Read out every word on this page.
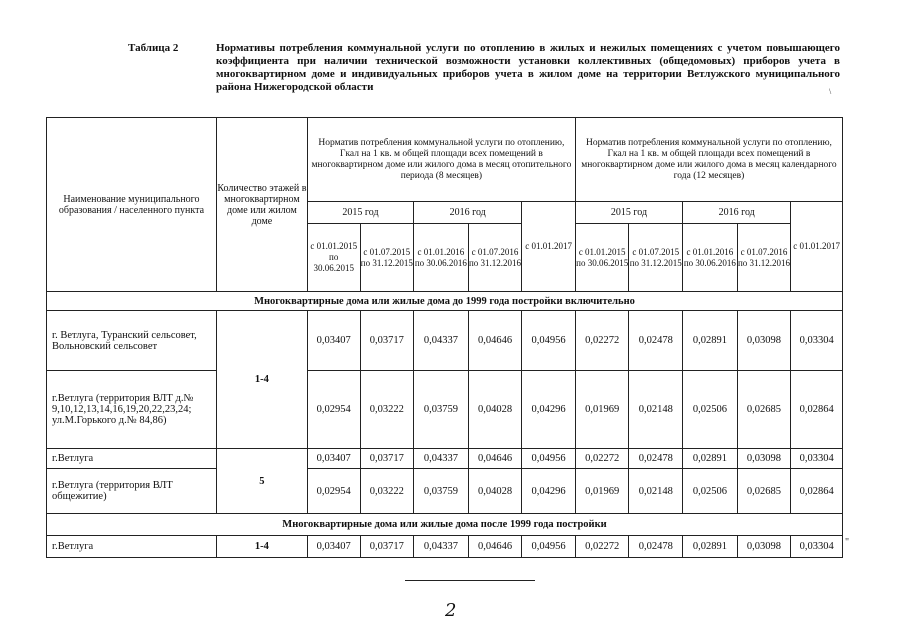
Таблица 2	Нормативы потребления коммунальной услуги по отоплению в жилых и нежилых помещениях с учетом повышающего коэффициента при наличии технической возможности установки коллективных (общедомовых) приборов учета в многоквартирном доме и индивидуальных приборов учета в жилом доме на территории Ветлужского муниципального района Нижегородской области	\
"
Наименование муниципального образования / населенного пункта	Количество этажей в многоквартирном доме или жилом доме	Норматив потребления коммунальной услуги по отоплению, Гкал на 1 кв. м общей площади всех помещений в многоквартирном доме или жилого дома в месяц отопительного периода (8 месяцев)					Норматив потребления коммунальной услуги по отоплению, Гкал на 1 кв. м общей площади всех помещений в многоквартирном доме или жилого дома в месяц календарного года (12 месяцев)				
		2015 год		2016 год		с 01.01.2017	2015 год		2016 год		с 01.01.2017
		с 01.01.2015 по 30.06.2015	с 01.07.2015 по 31.12.2015	с 01.01.2016 по 30.06.2016	с 01.07.2016 по 31.12.2016		с 01.01.2015 по 30.06.2015	с 01.07.2015 по 31.12.2015	с 01.01.2016 по 30.06.2016	с 01.07.2016 по 31.12.2016	
Многоквартирные дома или жилые дома до 1999 года постройки включительно											
г. Ветлуга, Туранский сельсовет, Вольновский сельсовет	1-4	0,03407	0,03717	0,04337	0,04646	0,04956	0,02272	0,02478	0,02891	0,03098	0,03304
г.Ветлуга (территория ВЛТ д.№ 9,10,12,13,14,16,19,20,22,23,24; ул.М.Горького д.№ 84,86)		0,02954	0,03222	0,03759	0,04028	0,04296	0,01969	0,02148	0,02506	0,02685	0,02864
г.Ветлуга	5	0,03407	0,03717	0,04337	0,04646	0,04956	0,02272	0,02478	0,02891	0,03098	0,03304
г.Ветлуга (территория ВЛТ общежитие)		0,02954	0,03222	0,03759	0,04028	0,04296	0,01969	0,02148	0,02506	0,02685	0,02864
Многоквартирные дома или жилые дома после 1999 года постройки											
г.Ветлуга	1-4	0,03407	0,03717	0,04337	0,04646	0,04956	0,02272	0,02478	0,02891	0,03098	0,03304
2
